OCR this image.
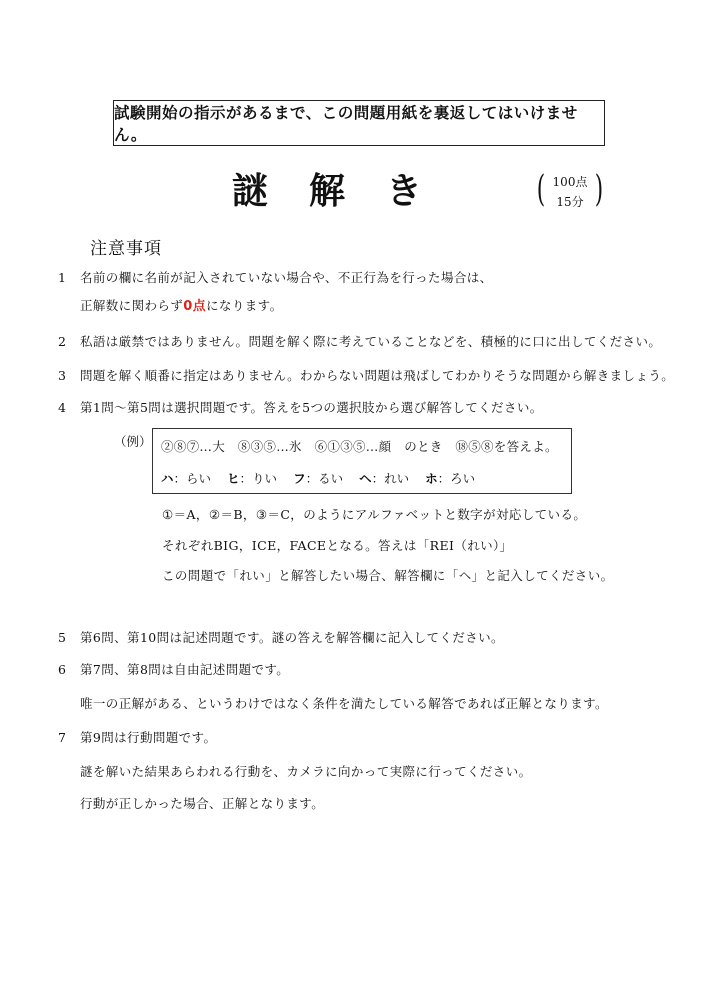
試験開始の指示があるまで、この問題用紙を裏返してはいけません。
謎 解 き	( 100点
15分 )
注意事項
1 名前の欄に名前が記入されていない場合や、不正行為を行った場合は、
正解数に関わらず0点になります。
2 私語は厳禁ではありません。問題を解く際に考えていることなどを、積極的に口に出してください。
3 問題を解く順番に指定はありません。わからない問題は飛ばしてわかりそうな問題から解きましょう。
4 第1問～第5問は選択問題です。答えを5つの選択肢から選び解答してください。
（例） ②⑧⑦…大　⑧③⑤…氷　⑥①③⑤…顔　のとき　⑱⑤⑧を答えよ。
ハ：らい ヒ：りい フ：るい ヘ：れい ホ：ろい
①＝A，②＝B，③＝C，のようにアルファベットと数字が対応している。
それぞれBIG，ICE，FACEとなる。答えは「REI（れい）」
この問題で「れい」と解答したい場合、解答欄に「ヘ」と記入してください。
5 第6問、第10問は記述問題です。謎の答えを解答欄に記入してください。
6 第7問、第8問は自由記述問題です。
唯一の正解がある、というわけではなく条件を満たしている解答であれば正解となります。
7 第9問は行動問題です。
謎を解いた結果あらわれる行動を、カメラに向かって実際に行ってください。
行動が正しかった場合、正解となります。
